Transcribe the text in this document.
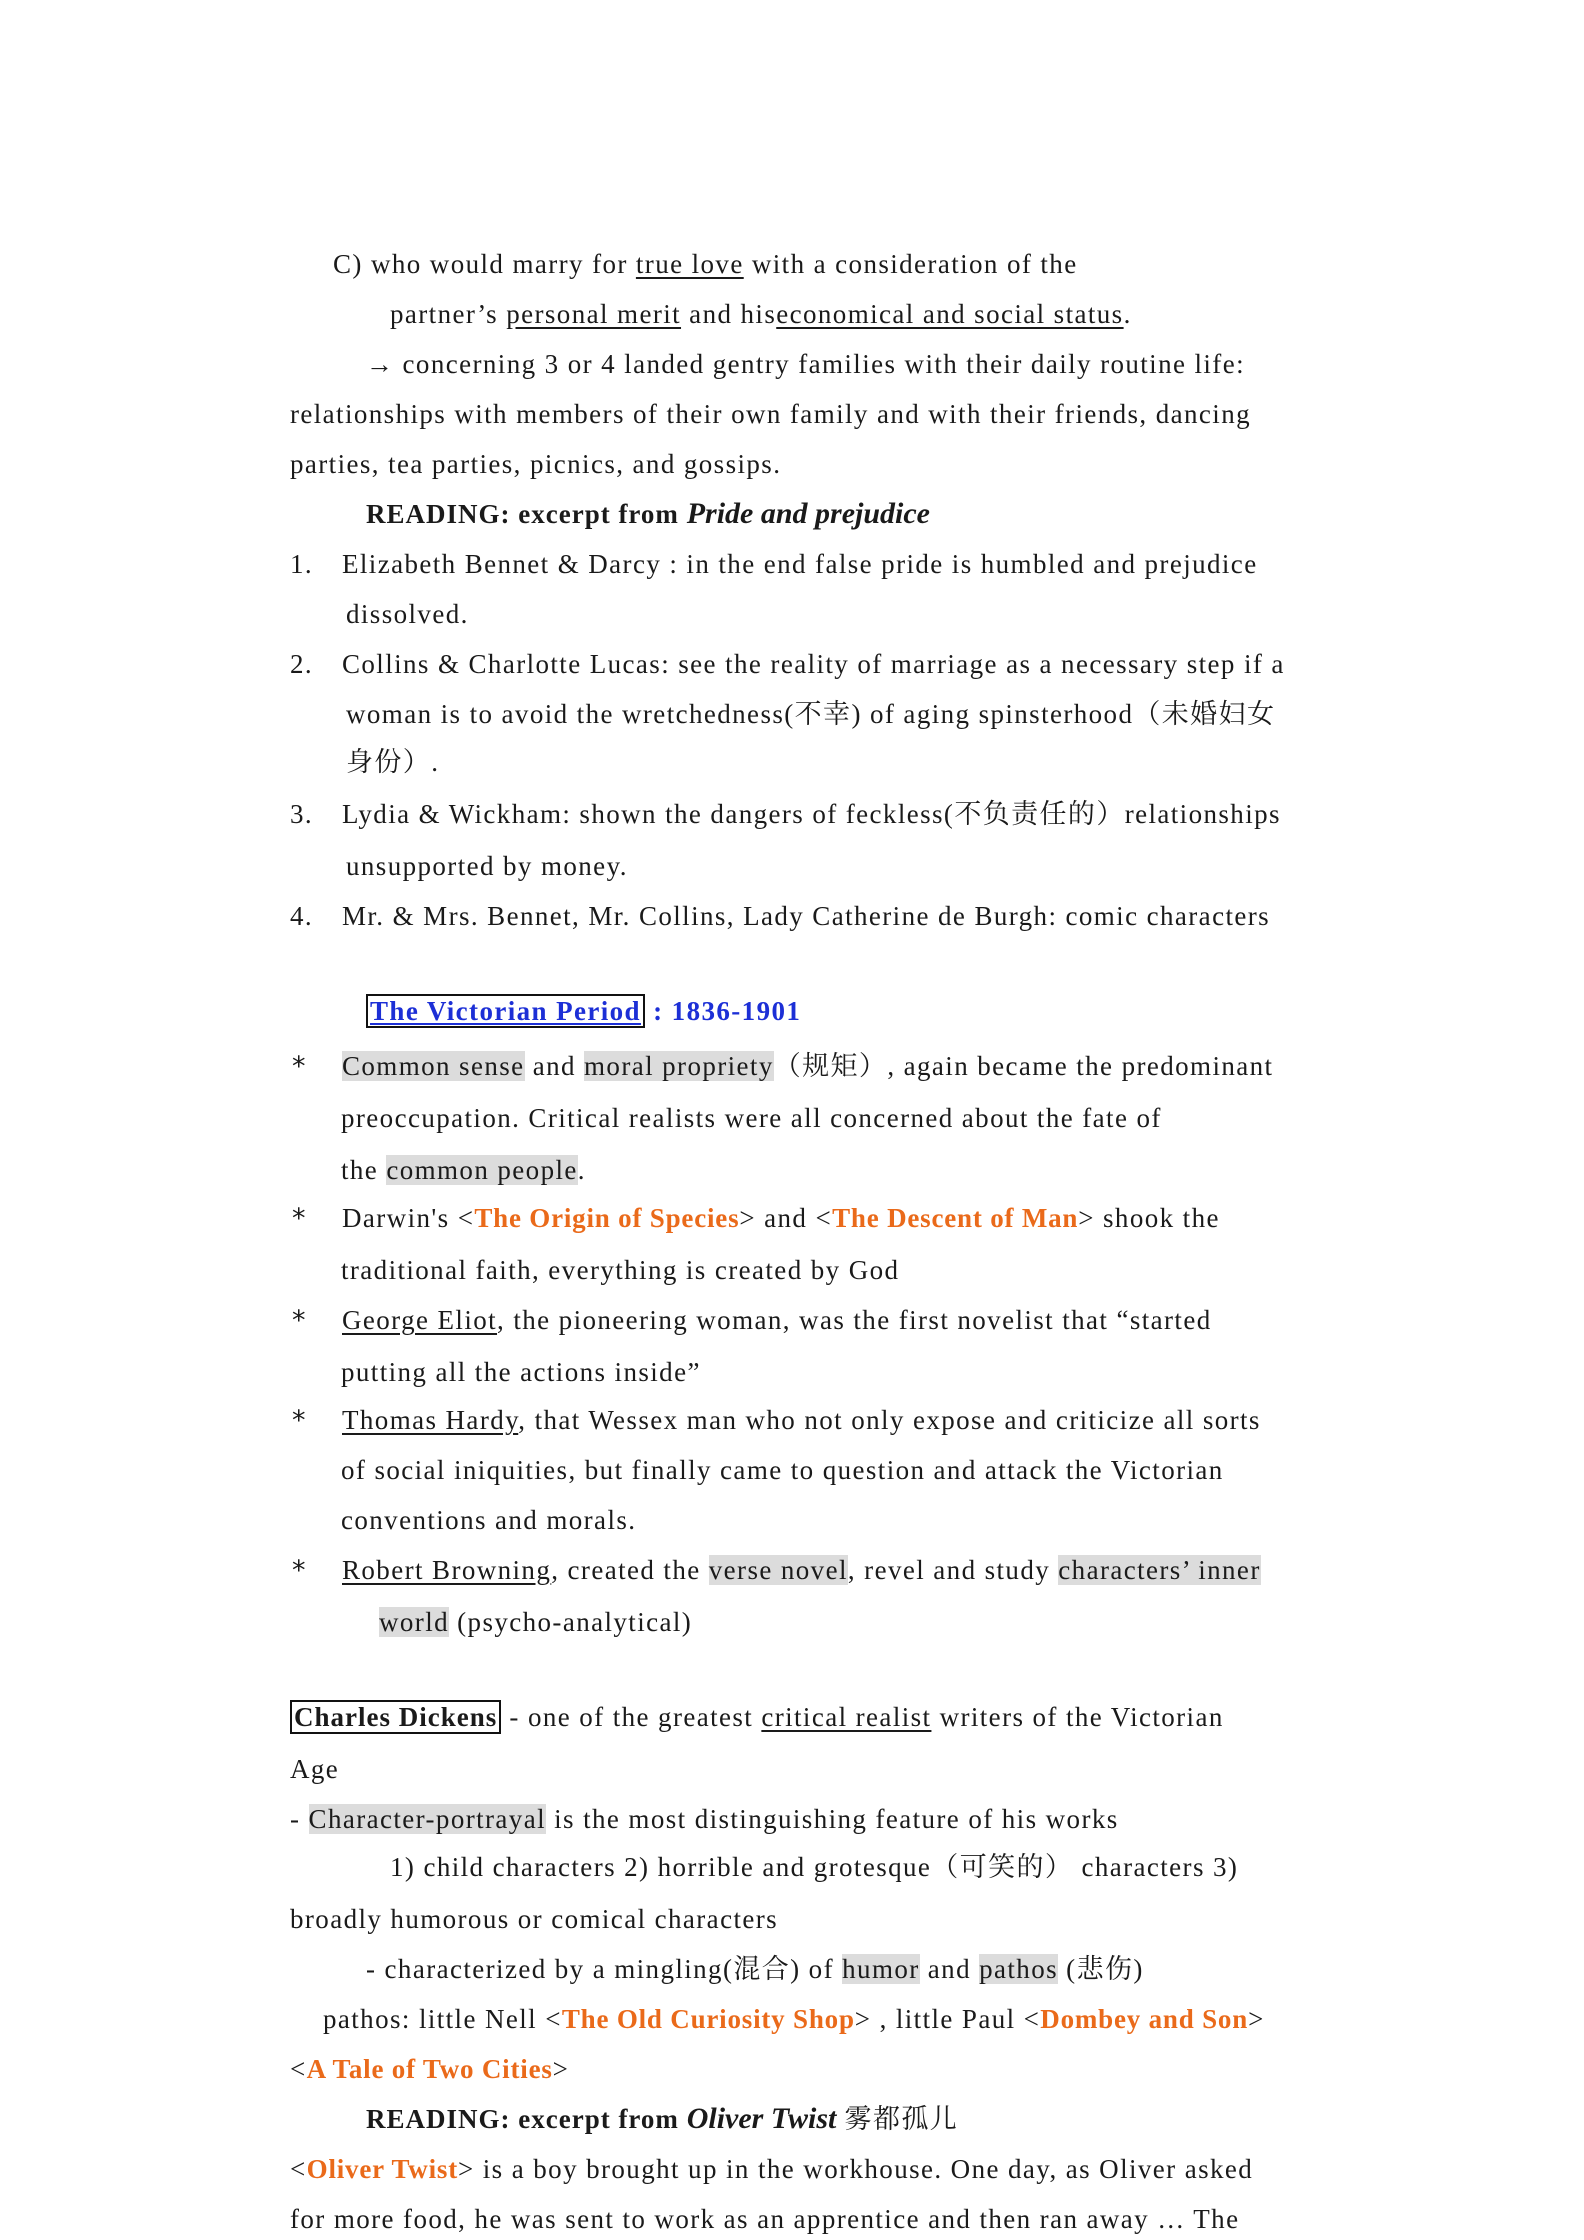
C) who would marry for true love with a consideration of the
partner’s personal merit and hiseconomical and social status.
→ concerning 3 or 4 landed gentry families with their daily routine life:
relationships with members of their own family and with their friends, dancing
parties, tea parties, picnics, and gossips.
READING: excerpt from Pride and prejudice
1. Elizabeth Bennet & Darcy : in the end false pride is humbled and prejudice
dissolved.
2. Collins & Charlotte Lucas: see the reality of marriage as a necessary step if a
woman is to avoid the wretchedness(不幸) of aging spinsterhood（未婚妇女
身份）.
3. Lydia & Wickham: shown the dangers of feckless(不负责任的）relationships
unsupported by money.
4. Mr. & Mrs. Bennet, Mr. Collins, Lady Catherine de Burgh: comic characters
The Victorian Period : 1836-1901
* Common sense and moral propriety（规矩）, again became the predominant
preoccupation. Critical realists were all concerned about the fate of
the common people.
* Darwin's <The Origin of Species> and <The Descent of Man> shook the
traditional faith, everything is created by God
* George Eliot, the pioneering woman, was the first novelist that “started
putting all the actions inside”
* Thomas Hardy, that Wessex man who not only expose and criticize all sorts
of social iniquities, but finally came to question and attack the Victorian
conventions and morals.
* Robert Browning, created the verse novel, revel and study characters’ inner
world (psycho-analytical)
Charles Dickens - one of the greatest critical realist writers of the Victorian
Age
- Character-portrayal is the most distinguishing feature of his works
1) child characters 2) horrible and grotesque（可笑的） characters 3)
broadly humorous or comical characters
- characterized by a mingling(混合) of humor and pathos (悲伤)
pathos: little Nell <The Old Curiosity Shop> , little Paul <Dombey and Son>
<A Tale of Two Cities>
READING: excerpt from Oliver Twist 雾都孤儿
<Oliver Twist> is a boy brought up in the workhouse. One day, as Oliver asked
for more food, he was sent to work as an apprentice and then ran away … The
